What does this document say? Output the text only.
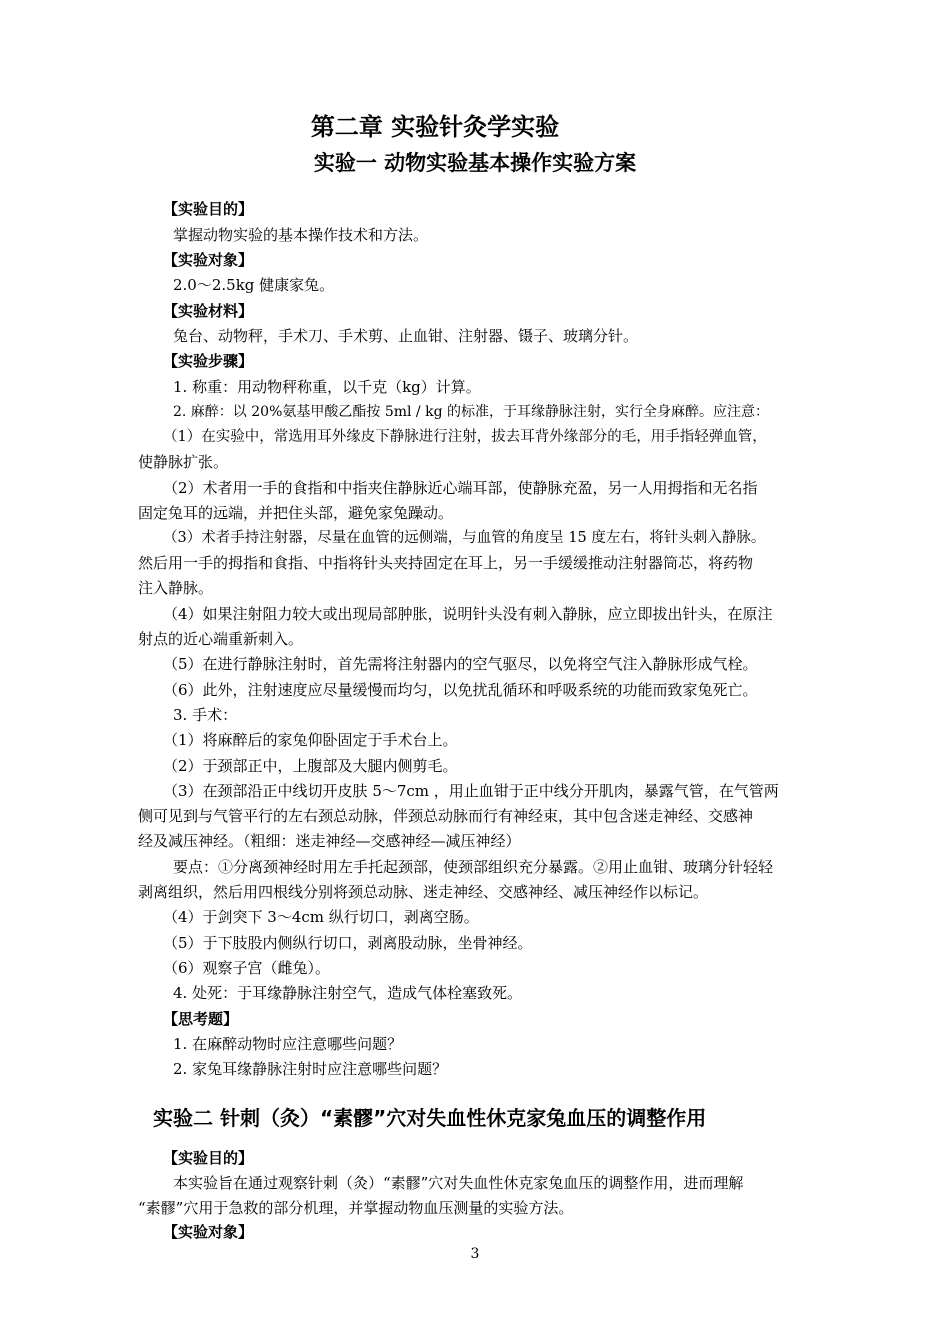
第二章 实验针灸学实验
实验一 动物实验基本操作实验方案
【实验目的】
掌握动物实验的基本操作技术和方法。
【实验对象】
2.0～2.5kg 健康家兔。
【实验材料】
兔台、动物秤，手术刀、手术剪、止血钳、注射器、镊子、玻璃分针。
【实验步骤】
1. 称重：用动物秤称重，以千克（kg）计算。
2. 麻醉：以 20%氨基甲酸乙酯按 5ml / kg 的标准，于耳缘静脉注射，实行全身麻醉。应注意：
（1）在实验中，常选用耳外缘皮下静脉进行注射，拔去耳背外缘部分的毛，用手指轻弹血管，
使静脉扩张。
（2）术者用一手的食指和中指夹住静脉近心端耳部，使静脉充盈，另一人用拇指和无名指
固定兔耳的远端，并把住头部，避免家兔躁动。
（3）术者手持注射器，尽量在血管的远侧端，与血管的角度呈 15 度左右，将针头刺入静脉。
然后用一手的拇指和食指、中指将针头夹持固定在耳上，另一手缓缓推动注射器筒芯，将药物
注入静脉。
（4）如果注射阻力较大或出现局部肿胀，说明针头没有刺入静脉，应立即拔出针头，在原注
射点的近心端重新刺入。
（5）在进行静脉注射时，首先需将注射器内的空气驱尽，以免将空气注入静脉形成气栓。
（6）此外，注射速度应尽量缓慢而均匀，以免扰乱循环和呼吸系统的功能而致家兔死亡。
3. 手术：
（1）将麻醉后的家兔仰卧固定于手术台上。
（2）于颈部正中，上腹部及大腿内侧剪毛。
（3）在颈部沿正中线切开皮肤 5～7cm ，用止血钳于正中线分开肌肉，暴露气管，在气管两
侧可见到与气管平行的左右颈总动脉，伴颈总动脉而行有神经束，其中包含迷走神经、交感神
经及减压神经。（粗细：迷走神经—交感神经—减压神经）
要点：①分离颈神经时用左手托起颈部，使颈部组织充分暴露。②用止血钳、玻璃分针轻轻
剥离组织，然后用四根线分别将颈总动脉、迷走神经、交感神经、减压神经作以标记。
（4）于剑突下 3～4cm 纵行切口，剥离空肠。
（5）于下肢股内侧纵行切口，剥离股动脉，坐骨神经。
（6）观察子宫（雌兔）。
4. 处死：于耳缘静脉注射空气，造成气体栓塞致死。
【思考题】
1. 在麻醉动物时应注意哪些问题？
2. 家兔耳缘静脉注射时应注意哪些问题？
实验二 针刺（灸）“素髎”穴对失血性休克家兔血压的调整作用
【实验目的】
本实验旨在通过观察针刺（灸）“素髎”穴对失血性休克家兔血压的调整作用，进而理解
“素髎”穴用于急救的部分机理，并掌握动物血压测量的实验方法。
【实验对象】
3
